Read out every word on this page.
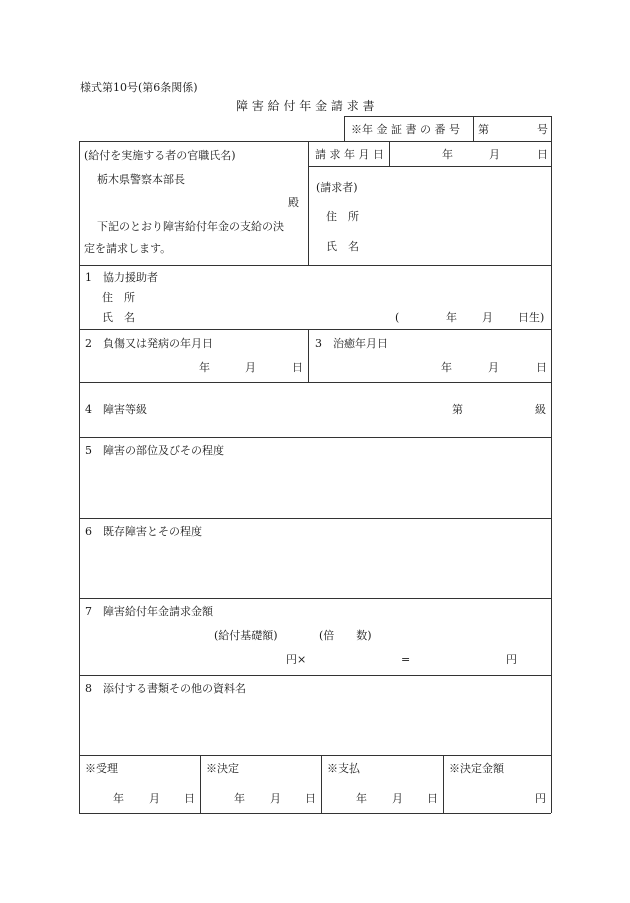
様式第10号(第6条関係)
障 害 給 付 年 金 請 求 書
※年 金 証 書 の 番 号 第	号
(給付を実施する者の官職氏名)
栃木県警察本部長
殿
下記のとおり障害給付年金の支給の決
定を請求します。
請 求 年 月 日	年	月	日
(請求者)
住　所
氏　名
1　協力援助者
住　所
氏　名	(	年 月 日生)
2　負傷又は発病の年月日
年	月	日
3　治癒年月日
年	月	日
4　障害等級	第	級
5　障害の部位及びその程度
6　既存障害とその程度
7　障害給付年金請求金額
(給付基礎額)	(倍　　数)
円×	=	円
8　添付する書類その他の資料名
※受理
年 月 日
※決定
年 月 日
※支払
年 月 日
※決定金額
円
